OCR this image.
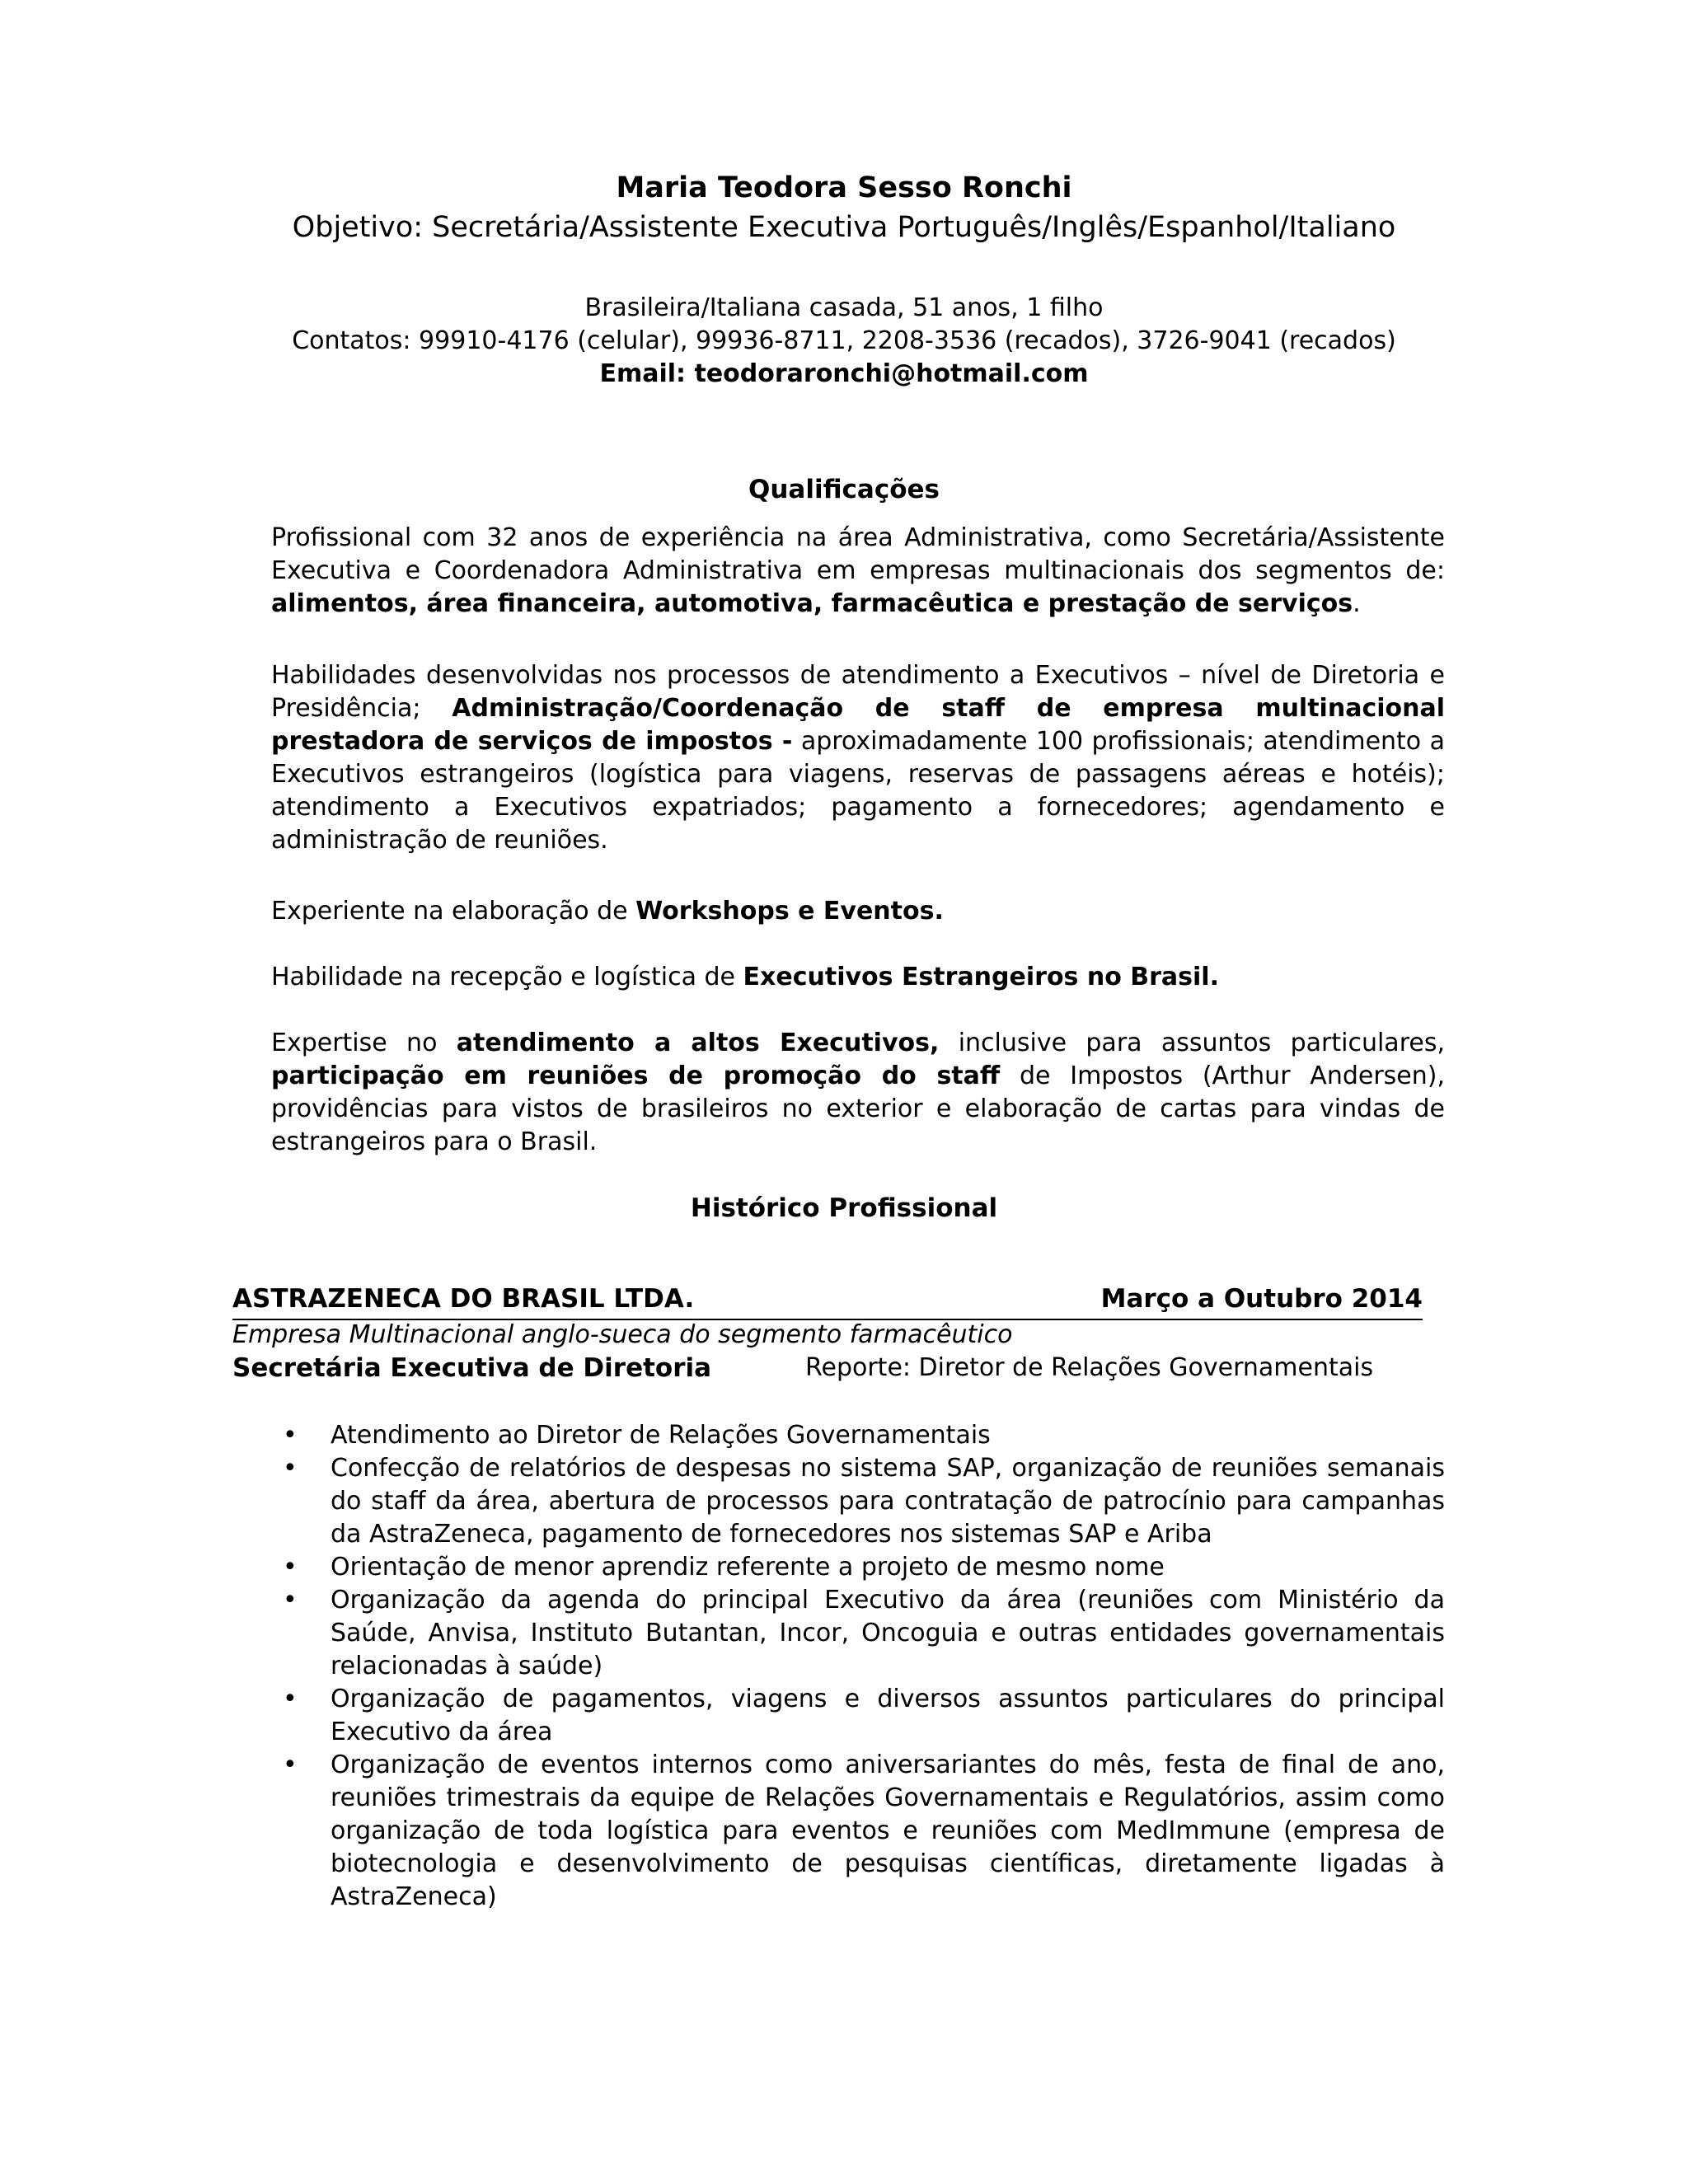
Maria Teodora Sesso Ronchi
Objetivo: Secretária/Assistente Executiva Português/Inglês/Espanhol/Italiano
Brasileira/Italiana casada, 51 anos, 1 filho
Contatos: 99910-4176 (celular), 99936-8711, 2208-3536 (recados), 3726-9041 (recados)
Email: teodoraronchi@hotmail.com
Qualificações

Profissional com 32 anos de experiência na área Administrativa, como Secretária/Assistente Executiva e Coordenadora Administrativa em empresas multinacionais dos segmentos de: alimentos, área financeira, automotiva, farmacêutica e prestação de serviços.

Habilidades desenvolvidas nos processos de atendimento a Executivos – nível de Diretoria e Presidência; Administração/Coordenação de staff de empresa multinacional prestadora de serviços de impostos - aproximadamente 100 profissionais; atendimento a Executivos estrangeiros (logística para viagens, reservas de passagens aéreas e hotéis); atendimento a Executivos expatriados; pagamento a fornecedores; agendamento e administração de reuniões.

Experiente na elaboração de Workshops e Eventos.

Habilidade na recepção e logística de Executivos Estrangeiros no Brasil.

Expertise no atendimento a altos Executivos, inclusive para assuntos particulares, participação em reuniões de promoção do staff de Impostos (Arthur Andersen), providências para vistos de brasileiros no exterior e elaboração de cartas para vindas de estrangeiros para o Brasil.

Histórico Profissional
ASTRAZENECA DO BRASIL LTDA.	Março a Outubro 2014
Empresa Multinacional anglo-sueca do segmento farmacêutico
Secretária Executiva de Diretoria	Reporte: Diretor de Relações Governamentais
• Atendimento ao Diretor de Relações Governamentais
• Confecção de relatórios de despesas no sistema SAP, organização de reuniões semanais do staff da área, abertura de processos para contratação de patrocínio para campanhas da AstraZeneca, pagamento de fornecedores nos sistemas SAP e Ariba
• Orientação de menor aprendiz referente a projeto de mesmo nome
• Organização da agenda do principal Executivo da área (reuniões com Ministério da Saúde, Anvisa, Instituto Butantan, Incor, Oncoguia e outras entidades governamentais relacionadas à saúde)
• Organização de pagamentos, viagens e diversos assuntos particulares do principal Executivo da área
• Organização de eventos internos como aniversariantes do mês, festa de final de ano, reuniões trimestrais da equipe de Relações Governamentais e Regulatórios, assim como organização de toda logística para eventos e reuniões com MedImmune (empresa de biotecnologia e desenvolvimento de pesquisas científicas, diretamente ligadas à AstraZeneca)
